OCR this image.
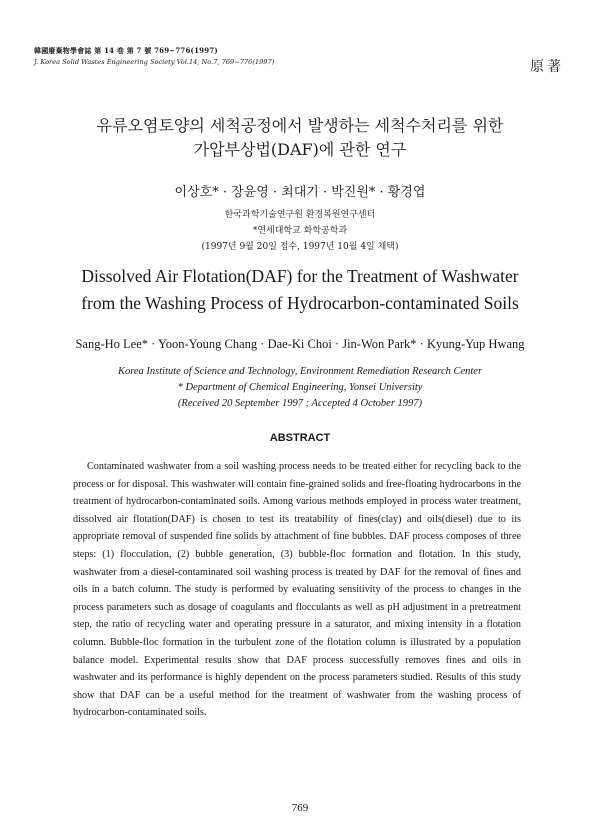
韓國廢棄物學會誌 第 14 卷 第 7 號 769~776(1997)
J. Korea Solid Wastes Engineering Society Vol.14, No.7, 769~776(1997)	原著
유류오염토양의 세척공정에서 발생하는 세척수처리를 위한
가압부상법(DAF)에 관한 연구
이상호* · 장윤영 · 최대기 · 박진원* · 황경엽
한국과학기술연구원 환경복원연구센터
*연세대학교 화학공학과
(1997년 9월 20일 접수, 1997년 10월 4일 채택)
Dissolved Air Flotation(DAF) for the Treatment of Washwater
from the Washing Process of Hydrocarbon-contaminated Soils
Sang-Ho Lee* · Yoon-Young Chang · Dae-Ki Choi · Jin-Won Park* · Kyung-Yup Hwang
Korea Institute of Science and Technology, Environment Remediation Research Center
* Department of Chemical Engineering, Yonsei University
(Received 20 September 1997 ; Accepted 4 October 1997)
ABSTRACT
Contaminated washwater from a soil washing process needs to be treated either for recycling back to the process or for disposal. This washwater will contain fine-grained solids and free-floating hydrocarbons in the treatment of hydrocarbon-contaminated soils. Among various methods employed in process water treatment, dissolved air flotation(DAF) is chosen to test its treatability of fines(clay) and oils(diesel) due to its appropriate removal of suspended fine solids by attachment of fine bubbles. DAF process composes of three steps: (1) flocculation, (2) bubble generation, (3) bubble-floc formation and flotation. In this study, washwater from a diesel-contaminated soil washing process is treated by DAF for the removal of fines and oils in a batch column. The study is performed by evaluating sensitivity of the process to changes in the process parameters such as dosage of coagulants and flocculants as well as pH adjustment in a pretreatment step, the ratio of recycling water and operating pressure in a saturator, and mixing intensity in a flotation column. Bubble-floc formation in the turbulent zone of the flotation column is illustrated by a population balance model. Experimental results show that DAF process successfully removes fines and oils in washwater and its performance is highly dependent on the process parameters studied. Results of this study show that DAF can be a useful method for the treatment of washwater from the washing process of hydrocarbon-contaminated soils.
769
